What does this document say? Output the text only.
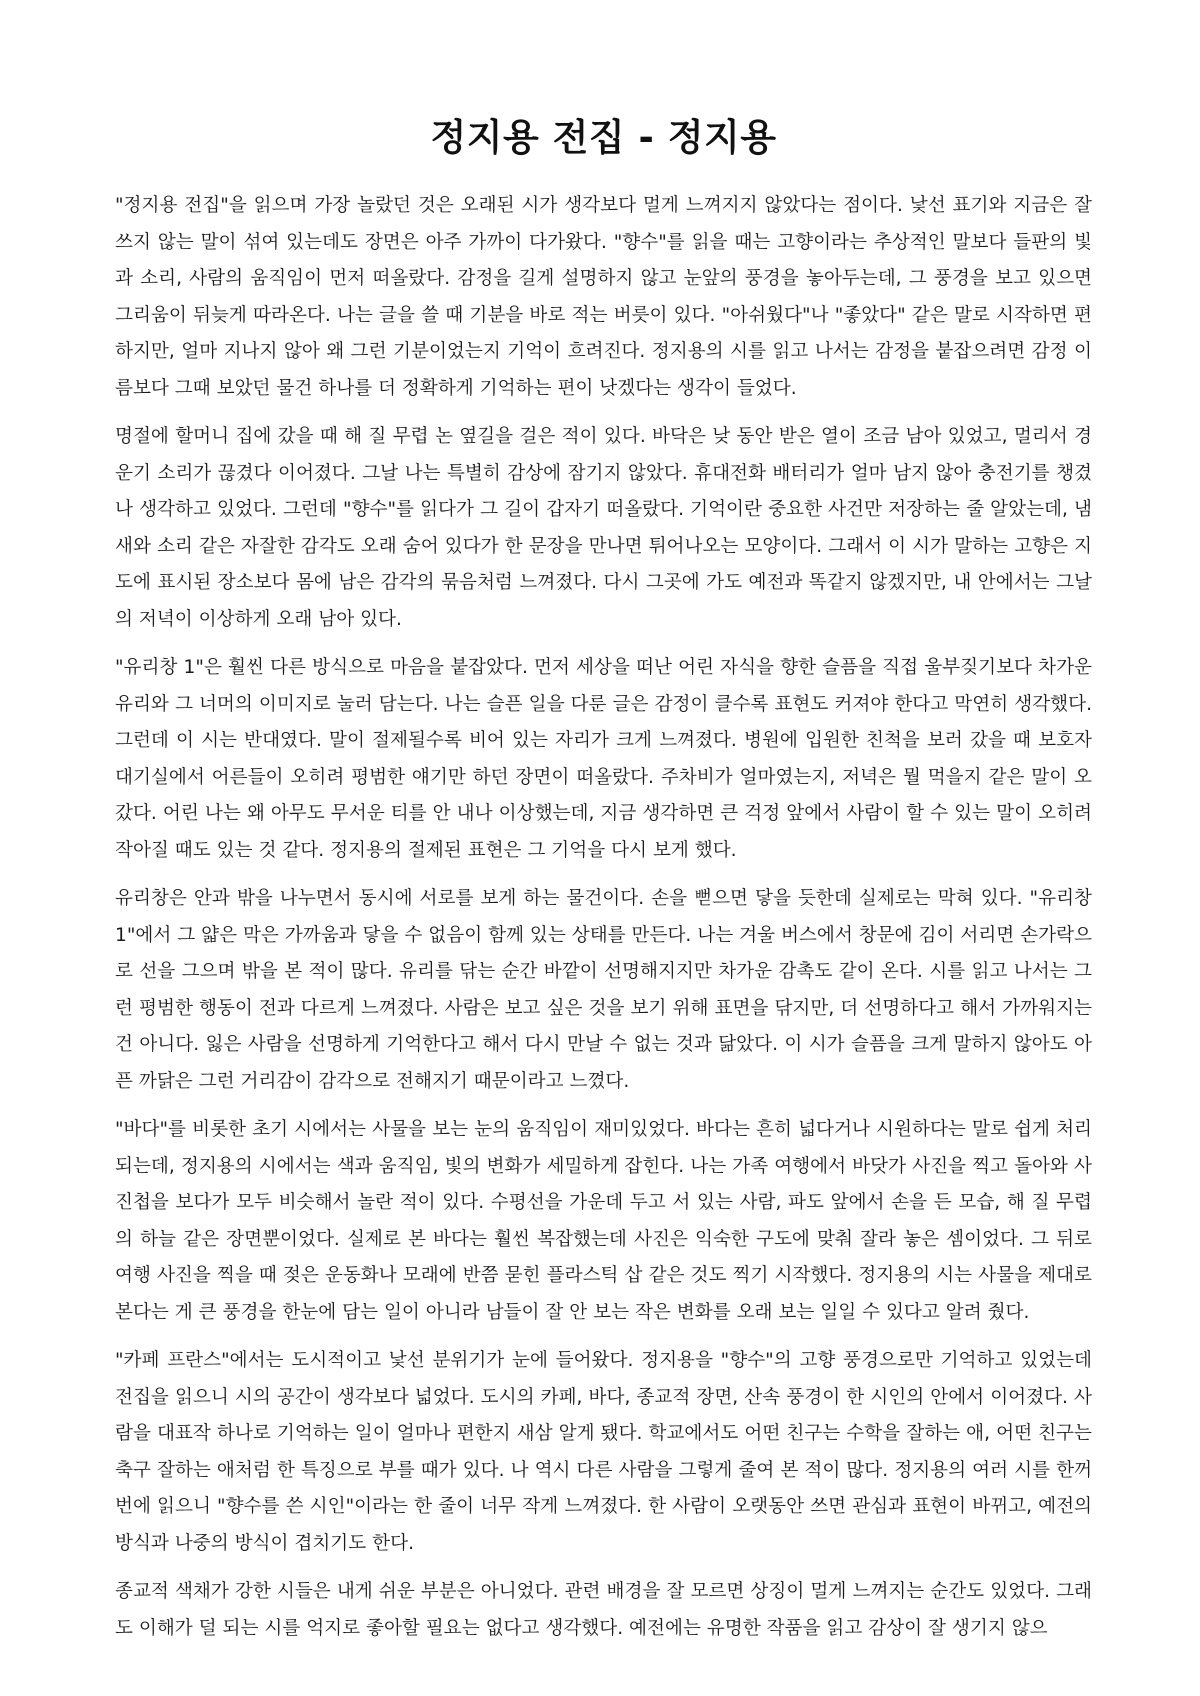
정지용 전집 - 정지용

"정지용 전집"을 읽으며 가장 놀랐던 것은 오래된 시가 생각보다 멀게 느껴지지 않았다는 점이다. 낯선 표기와 지금은 잘 쓰지 않는 말이 섞여 있는데도 장면은 아주 가까이 다가왔다. "향수"를 읽을 때는 고향이라는 추상적인 말보다 들판의 빛과 소리, 사람의 움직임이 먼저 떠올랐다. 감정을 길게 설명하지 않고 눈앞의 풍경을 놓아두는데, 그 풍경을 보고 있으면 그리움이 뒤늦게 따라온다. 나는 글을 쓸 때 기분을 바로 적는 버릇이 있다. "아쉬웠다"나 "좋았다" 같은 말로 시작하면 편하지만, 얼마 지나지 않아 왜 그런 기분이었는지 기억이 흐려진다. 정지용의 시를 읽고 나서는 감정을 붙잡으려면 감정 이름보다 그때 보았던 물건 하나를 더 정확하게 기억하는 편이 낫겠다는 생각이 들었다.

명절에 할머니 집에 갔을 때 해 질 무렵 논 옆길을 걸은 적이 있다. 바닥은 낮 동안 받은 열이 조금 남아 있었고, 멀리서 경운기 소리가 끊겼다 이어졌다. 그날 나는 특별히 감상에 잠기지 않았다. 휴대전화 배터리가 얼마 남지 않아 충전기를 챙겼나 생각하고 있었다. 그런데 "향수"를 읽다가 그 길이 갑자기 떠올랐다. 기억이란 중요한 사건만 저장하는 줄 알았는데, 냄새와 소리 같은 자잘한 감각도 오래 숨어 있다가 한 문장을 만나면 튀어나오는 모양이다. 그래서 이 시가 말하는 고향은 지도에 표시된 장소보다 몸에 남은 감각의 묶음처럼 느껴졌다. 다시 그곳에 가도 예전과 똑같지 않겠지만, 내 안에서는 그날의 저녁이 이상하게 오래 남아 있다.

"유리창 1"은 훨씬 다른 방식으로 마음을 붙잡았다. 먼저 세상을 떠난 어린 자식을 향한 슬픔을 직접 울부짖기보다 차가운 유리와 그 너머의 이미지로 눌러 담는다. 나는 슬픈 일을 다룬 글은 감정이 클수록 표현도 커져야 한다고 막연히 생각했다. 그런데 이 시는 반대였다. 말이 절제될수록 비어 있는 자리가 크게 느껴졌다. 병원에 입원한 친척을 보러 갔을 때 보호자 대기실에서 어른들이 오히려 평범한 얘기만 하던 장면이 떠올랐다. 주차비가 얼마였는지, 저녁은 뭘 먹을지 같은 말이 오갔다. 어린 나는 왜 아무도 무서운 티를 안 내나 이상했는데, 지금 생각하면 큰 걱정 앞에서 사람이 할 수 있는 말이 오히려 작아질 때도 있는 것 같다. 정지용의 절제된 표현은 그 기억을 다시 보게 했다.

유리창은 안과 밖을 나누면서 동시에 서로를 보게 하는 물건이다. 손을 뻗으면 닿을 듯한데 실제로는 막혀 있다. "유리창 1"에서 그 얇은 막은 가까움과 닿을 수 없음이 함께 있는 상태를 만든다. 나는 겨울 버스에서 창문에 김이 서리면 손가락으로 선을 그으며 밖을 본 적이 많다. 유리를 닦는 순간 바깥이 선명해지지만 차가운 감촉도 같이 온다. 시를 읽고 나서는 그런 평범한 행동이 전과 다르게 느껴졌다. 사람은 보고 싶은 것을 보기 위해 표면을 닦지만, 더 선명하다고 해서 가까워지는 건 아니다. 잃은 사람을 선명하게 기억한다고 해서 다시 만날 수 없는 것과 닮았다. 이 시가 슬픔을 크게 말하지 않아도 아픈 까닭은 그런 거리감이 감각으로 전해지기 때문이라고 느꼈다.

"바다"를 비롯한 초기 시에서는 사물을 보는 눈의 움직임이 재미있었다. 바다는 흔히 넓다거나 시원하다는 말로 쉽게 처리되는데, 정지용의 시에서는 색과 움직임, 빛의 변화가 세밀하게 잡힌다. 나는 가족 여행에서 바닷가 사진을 찍고 돌아와 사진첩을 보다가 모두 비슷해서 놀란 적이 있다. 수평선을 가운데 두고 서 있는 사람, 파도 앞에서 손을 든 모습, 해 질 무렵의 하늘 같은 장면뿐이었다. 실제로 본 바다는 훨씬 복잡했는데 사진은 익숙한 구도에 맞춰 잘라 놓은 셈이었다. 그 뒤로 여행 사진을 찍을 때 젖은 운동화나 모래에 반쯤 묻힌 플라스틱 삽 같은 것도 찍기 시작했다. 정지용의 시는 사물을 제대로 본다는 게 큰 풍경을 한눈에 담는 일이 아니라 남들이 잘 안 보는 작은 변화를 오래 보는 일일 수 있다고 알려 줬다.

"카페 프란스"에서는 도시적이고 낯선 분위기가 눈에 들어왔다. 정지용을 "향수"의 고향 풍경으로만 기억하고 있었는데 전집을 읽으니 시의 공간이 생각보다 넓었다. 도시의 카페, 바다, 종교적 장면, 산속 풍경이 한 시인의 안에서 이어졌다. 사람을 대표작 하나로 기억하는 일이 얼마나 편한지 새삼 알게 됐다. 학교에서도 어떤 친구는 수학을 잘하는 애, 어떤 친구는 축구 잘하는 애처럼 한 특징으로 부를 때가 있다. 나 역시 다른 사람을 그렇게 줄여 본 적이 많다. 정지용의 여러 시를 한꺼번에 읽으니 "향수를 쓴 시인"이라는 한 줄이 너무 작게 느껴졌다. 한 사람이 오랫동안 쓰면 관심과 표현이 바뀌고, 예전의 방식과 나중의 방식이 겹치기도 한다.

종교적 색채가 강한 시들은 내게 쉬운 부분은 아니었다. 관련 배경을 잘 모르면 상징이 멀게 느껴지는 순간도 있었다. 그래도 이해가 덜 되는 시를 억지로 좋아할 필요는 없다고 생각했다. 예전에는 유명한 작품을 읽고 감상이 잘 생기지 않으
